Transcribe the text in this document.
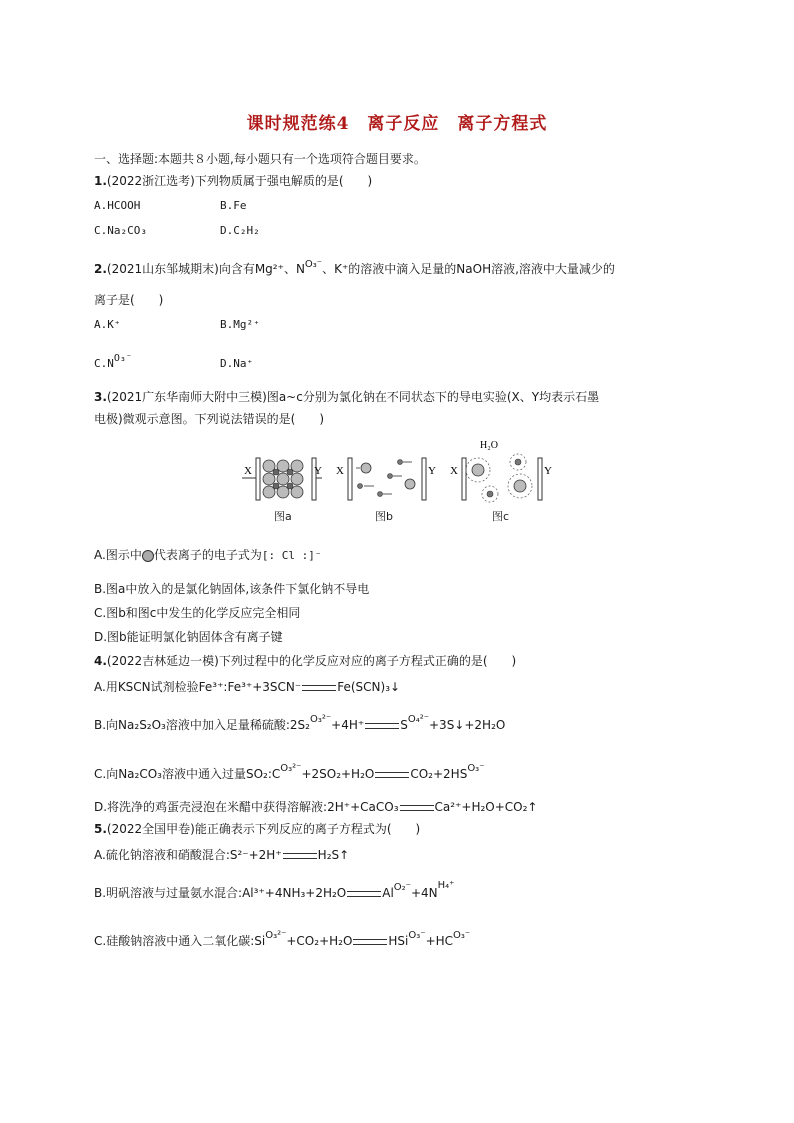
课时规范练4　离子反应　离子方程式
一、选择题:本题共８小题,每小题只有一个选项符合题目要求。
1.(2022浙江选考)下列物质属于强电解质的是(　　)
A.HCOOH	B.Fe
C.Na₂CO₃	D.C₂H₂
2.(2021山东邹城期末)向含有Mg²⁺、$N^{O_3^-}$、K⁺的溶液中滴入足量的NaOH溶液,溶液中大量减少的
离子是(　　)
A.K⁺	B.Mg²⁺
C.NO₃⁻	D.Na⁺
3.(2021广东华南师大附中三模)图a~c分别为氯化钠在不同状态下的导电实验(X、Y均表示石墨
电极)微观示意图。下列说法错误的是(　　)
X	Y X	Y X	Y
H₂O
图a	图b	图c
A.图示中 代表离子的电子式为[: Cl :]⁻
B.图a中放入的是氯化钠固体,该条件下氯化钠不导电
C.图b和图c中发生的化学反应完全相同
D.图b能证明氯化钠固体含有离子键
4.(2022吉林延边一模)下列过程中的化学反应对应的离子方程式正确的是(　　)
A.用KSCN试剂检验Fe³⁺:Fe³⁺+3SCN⁻	Fe(SCN)₃↓
B.向Na₂S₂O₃溶液中加入足量稀硫酸:2S₂$^{O_3^{2-}}$+4H⁺	$S^{O_4^{2-}}+3S↓+2H_2O$
C.向Na₂CO₃溶液中通入过量$SO_2:C^{O_3^{2-}}+2SO_2+H_2O$	$CO_2+2HS^{O_3^-}$
D.将洗净的鸡蛋壳浸泡在米醋中获得溶解液:2H⁺+CaCO₃	Ca²⁺+H₂O+CO₂↑
5.(2022全国甲卷)能正确表示下列反应的离子方程式为(　　)
A.硫化钠溶液和硝酸混合:S²⁻+2H⁺	H₂S↑
B.明矾溶液与过量氨水混合:Al³⁺+4NH₃+2H₂O	$Al^{O_2^-}+4N^{H_4^+}$
C.硅酸钠溶液中通入二氧化碳$:Si^{O_3^{2-}}+CO_2+H_2O$	$HSi^{O_3^-}+HC^{O_3^-}$
